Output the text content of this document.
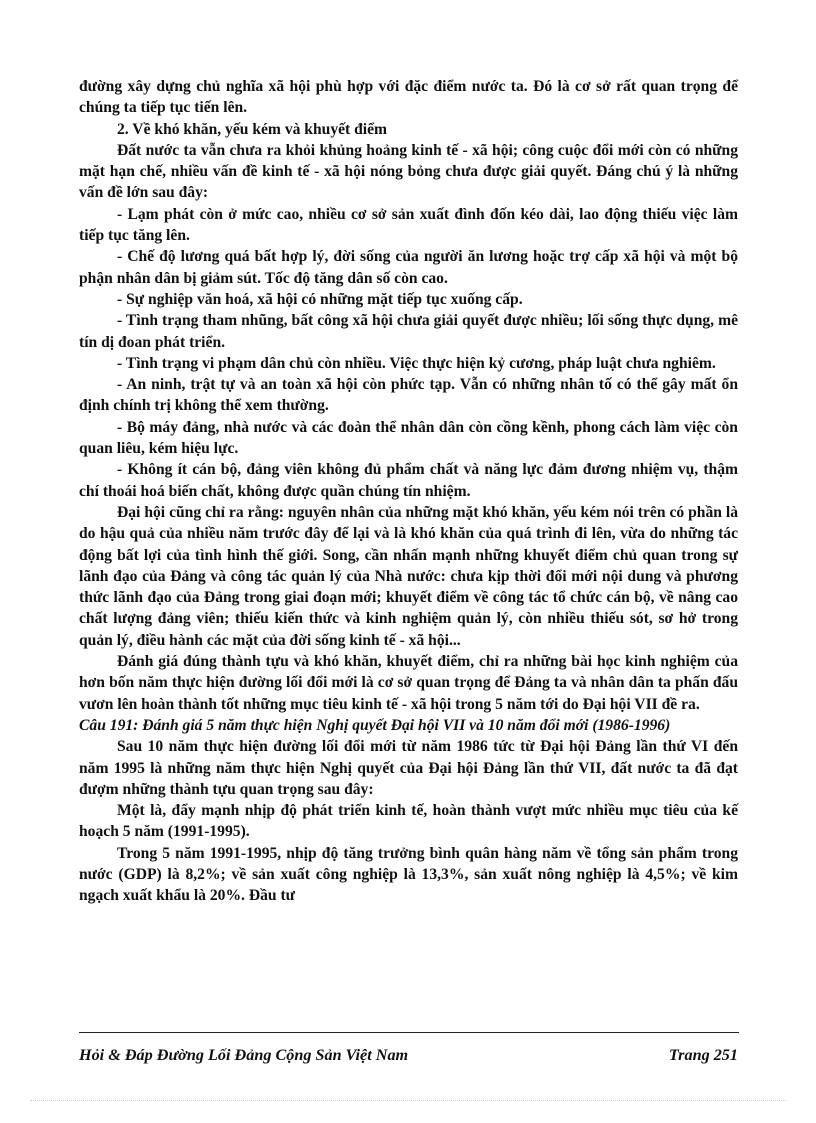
đường xây dựng chủ nghĩa xã hội phù hợp với đặc điểm nước ta. Đó là cơ sở rất quan trọng để chúng ta tiếp tục tiến lên.

2. Về khó khăn, yếu kém và khuyết điểm

Đất nước ta vẫn chưa ra khỏi khủng hoảng kinh tế - xã hội; công cuộc đổi mới còn có những mặt hạn chế, nhiều vấn đề kinh tế - xã hội nóng bỏng chưa được giải quyết. Đáng chú ý là những vấn đề lớn sau đây:

- Lạm phát còn ở mức cao, nhiều cơ sở sản xuất đình đốn kéo dài, lao động thiếu việc làm tiếp tục tăng lên.

- Chế độ lương quá bất hợp lý, đời sống của người ăn lương hoặc trợ cấp xã hội và một bộ phận nhân dân bị giảm sút. Tốc độ tăng dân số còn cao.

- Sự nghiệp văn hoá, xã hội có những mặt tiếp tục xuống cấp.

- Tình trạng tham nhũng, bất công xã hội chưa giải quyết được nhiều; lối sống thực dụng, mê tín dị đoan phát triển.

- Tình trạng vi phạm dân chủ còn nhiều. Việc thực hiện kỷ cương, pháp luật chưa nghiêm.

- An ninh, trật tự và an toàn xã hội còn phức tạp. Vẫn có những nhân tố có thể gây mất ổn định chính trị không thể xem thường.

- Bộ máy đảng, nhà nước và các đoàn thể nhân dân còn cồng kềnh, phong cách làm việc còn quan liêu, kém hiệu lực.

- Không ít cán bộ, đảng viên không đủ phẩm chất và năng lực đảm đương nhiệm vụ, thậm chí thoái hoá biến chất, không được quần chúng tín nhiệm.

Đại hội cũng chỉ ra rằng: nguyên nhân của những mặt khó khăn, yếu kém nói trên có phần là do hậu quả của nhiều năm trước đây để lại và là khó khăn của quá trình đi lên, vừa do những tác động bất lợi của tình hình thế giới. Song, cần nhấn mạnh những khuyết điểm chủ quan trong sự lãnh đạo của Đảng và công tác quản lý của Nhà nước: chưa kịp thời đổi mới nội dung và phương thức lãnh đạo của Đảng trong giai đoạn mới; khuyết điểm về công tác tổ chức cán bộ, về nâng cao chất lượng đảng viên; thiếu kiến thức và kinh nghiệm quản lý, còn nhiều thiếu sót, sơ hở trong quản lý, điều hành các mặt của đời sống kinh tế - xã hội...

Đánh giá đúng thành tựu và khó khăn, khuyết điểm, chỉ ra những bài học kinh nghiệm của hơn bốn năm thực hiện đường lối đổi mới là cơ sở quan trọng để Đảng ta và nhân dân ta phấn đấu vươn lên hoàn thành tốt những mục tiêu kinh tế - xã hội trong 5 năm tới do Đại hội VII đề ra.

Câu 191: Đánh giá 5 năm thực hiện Nghị quyết Đại hội VII và 10 năm đổi mới (1986-1996)

Sau 10 năm thực hiện đường lối đổi mới từ năm 1986 tức từ Đại hội Đảng lần thứ VI đến năm 1995 là những năm thực hiện Nghị quyết của Đại hội Đảng lần thứ VII, đất nước ta đã đạt đượm những thành tựu quan trọng sau đây:

Một là, đẩy mạnh nhịp độ phát triển kinh tế, hoàn thành vượt mức nhiều mục tiêu của kế hoạch 5 năm (1991-1995).

Trong 5 năm 1991-1995, nhịp độ tăng trưởng bình quân hàng năm về tổng sản phẩm trong nước (GDP) là 8,2%; về sản xuất công nghiệp là 13,3%, sản xuất nông nghiệp là 4,5%; về kim ngạch xuất khẩu là 20%. Đầu tư

Hỏi & Đáp Đường Lối Đảng Cộng Sản Việt Nam	Trang 251
